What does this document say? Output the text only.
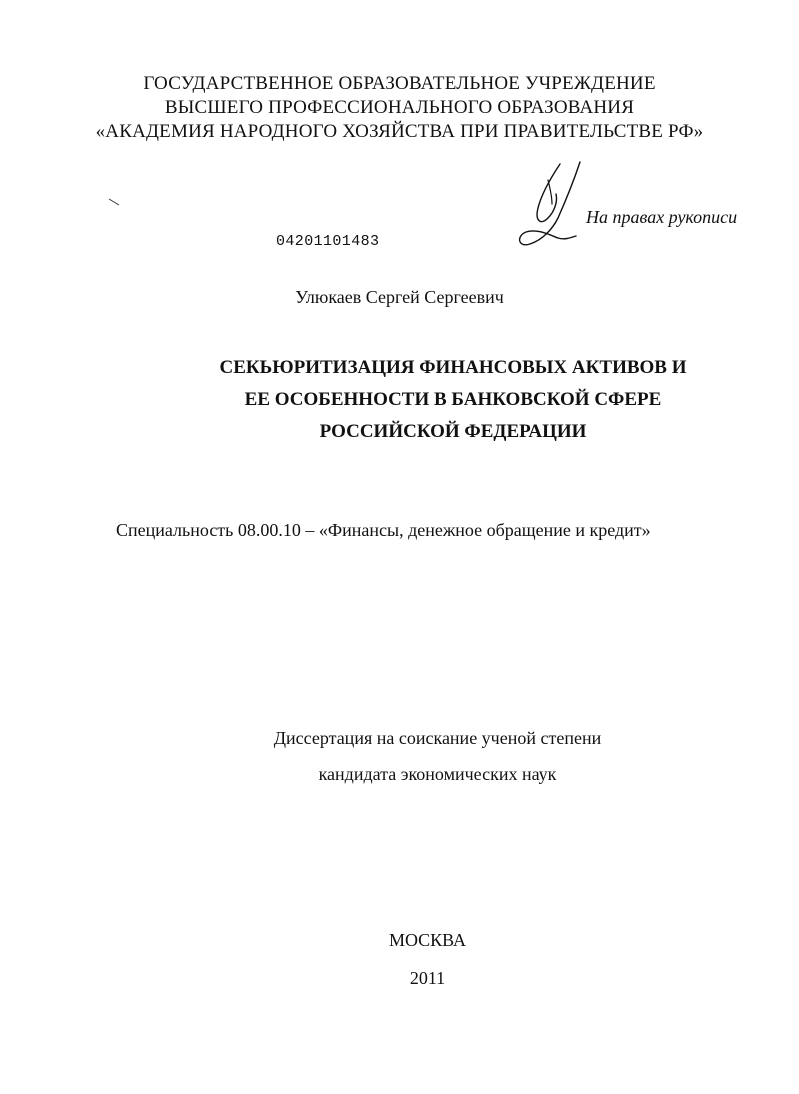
ГОСУДАРСТВЕННОЕ ОБРАЗОВАТЕЛЬНОЕ УЧРЕЖДЕНИЕ
ВЫСШЕГО ПРОФЕССИОНАЛЬНОГО ОБРАЗОВАНИЯ
«АКАДЕМИЯ НАРОДНОГО ХОЗЯЙСТВА ПРИ ПРАВИТЕЛЬСТВЕ РФ»
На правах рукописи
04201101483
Улюкаев Сергей Сергеевич
СЕКЬЮРИТИЗАЦИЯ ФИНАНСОВЫХ АКТИВОВ И
ЕЕ ОСОБЕННОСТИ В БАНКОВСКОЙ СФЕРЕ
РОССИЙСКОЙ ФЕДЕРАЦИИ
Специальность 08.00.10 – «Финансы, денежное обращение и кредит»
Диссертация на соискание ученой степени
кандидата экономических наук
МОСКВА
2011
